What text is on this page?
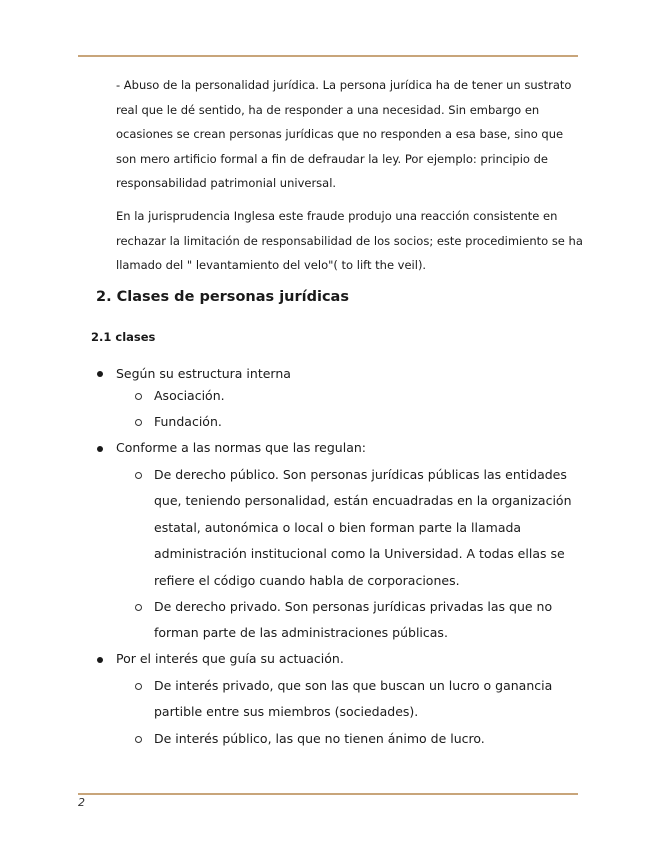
- Abuso de la personalidad jurídica. La persona jurídica ha de tener un sustrato real que le dé sentido, ha de responder a una necesidad. Sin embargo en ocasiones se crean personas jurídicas que no responden a esa base, sino que son mero artificio formal a fin de defraudar la ley. Por ejemplo: principio de responsabilidad patrimonial universal.

En la jurisprudencia Inglesa este fraude produjo una reacción consistente en rechazar la limitación de responsabilidad de los socios; este procedimiento se ha llamado del " levantamiento del velo"( to lift the veil).

2. Clases de personas jurídicas
2.1 clases

Según su estructura interna

Asociación.

Fundación.

Conforme a las normas que las regulan:

De derecho público. Son personas jurídicas públicas las entidades que, teniendo personalidad, están encuadradas en la organización estatal, autonómica o local o bien forman parte la llamada administración institucional como la Universidad. A todas ellas se refiere el código cuando habla de corporaciones.

De derecho privado. Son personas jurídicas privadas las que no forman parte de las administraciones públicas.

Por el interés que guía su actuación.

De interés privado, que son las que buscan un lucro o ganancia partible entre sus miembros (sociedades).

De interés público, las que no tienen ánimo de lucro.

2
